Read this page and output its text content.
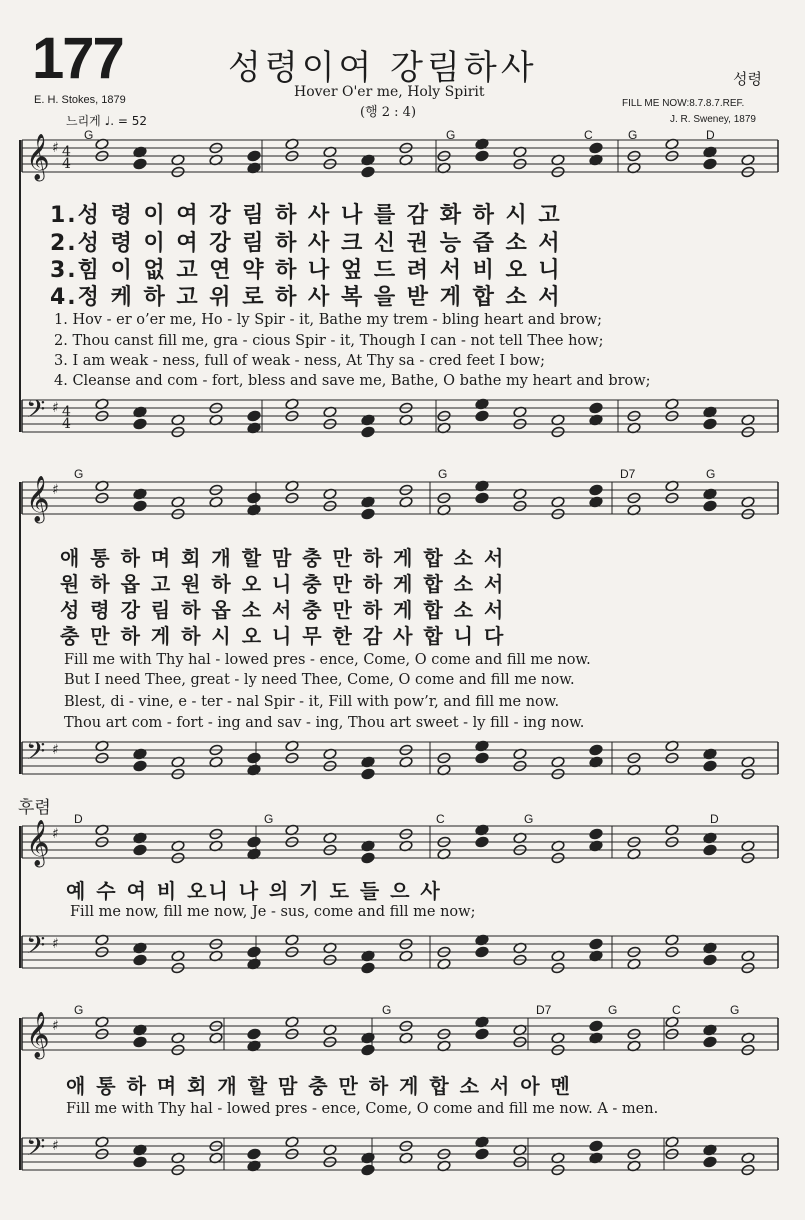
177	성령이여 강림하사
Hover O'er me, Holy Spirit
(행 2 : 4)
E. H. Stokes, 1879
느리게 ♩. = 52
성령
FILL ME NOW:8.7.8.7.REF.
J. R. Sweney, 1879
𝄞 ♯
𝄢 ♯
𝄞 ♯
𝄢 ♯
𝄞 ♯
𝄢 ♯
𝄞 ♯
𝄢 ♯
4
4
4
4
G	G	C	G	D
1.성 령 이 여 강 림 하 사 나 를 감 화 하 시 고
2.성 령 이 여 강 림 하 사 크 신 권 능 즙 소 서
3.힘 이 없 고 연 약 하 나 엎 드 려 서 비 오 니
4.정 케 하 고 위 로 하 사 복 을 받 게 합 소 서
1. Hov - er o’er me, Ho - ly Spir - it, Bathe my trem - bling heart and brow;
2. Thou canst fill me, gra - cious Spir - it, Though I can - not tell Thee how;
3. I am weak - ness, full of weak - ness, At Thy sa - cred feet I bow;
4. Cleanse and com - fort, bless and save me, Bathe, O bathe my heart and brow;
G	G	D7	G
애 통 하 며 회 개 할 맘 충 만 하 게 합 소 서
원 하 옵 고 원 하 오 니 충 만 하 게 합 소 서
성 령 강 림 하 옵 소 서 충 만 하 게 합 소 서
충 만 하 게 하 시 오 니 무 한 감 사 합 니 다
Fill me with Thy hal - lowed pres - ence, Come, O come and fill me now.
But I need Thee, great - ly need Thee, Come, O come and fill me now.
Blest, di - vine, e - ter - nal Spir - it, Fill with pow’r, and fill me now.
Thou art com - fort - ing and sav - ing, Thou art sweet - ly fill - ing now.
후렴
D	G	C	G	D
예 수 여 비 오니 나 의 기 도 들 으 사
Fill me now, fill me now, Je - sus, come and fill me now;
G	G	D7	G	C	G
애 통 하 며 회 개 할 맘 충 만 하 게 합 소 서 아 멘
Fill me with Thy hal - lowed pres - ence, Come, O come and fill me now. A - men.
